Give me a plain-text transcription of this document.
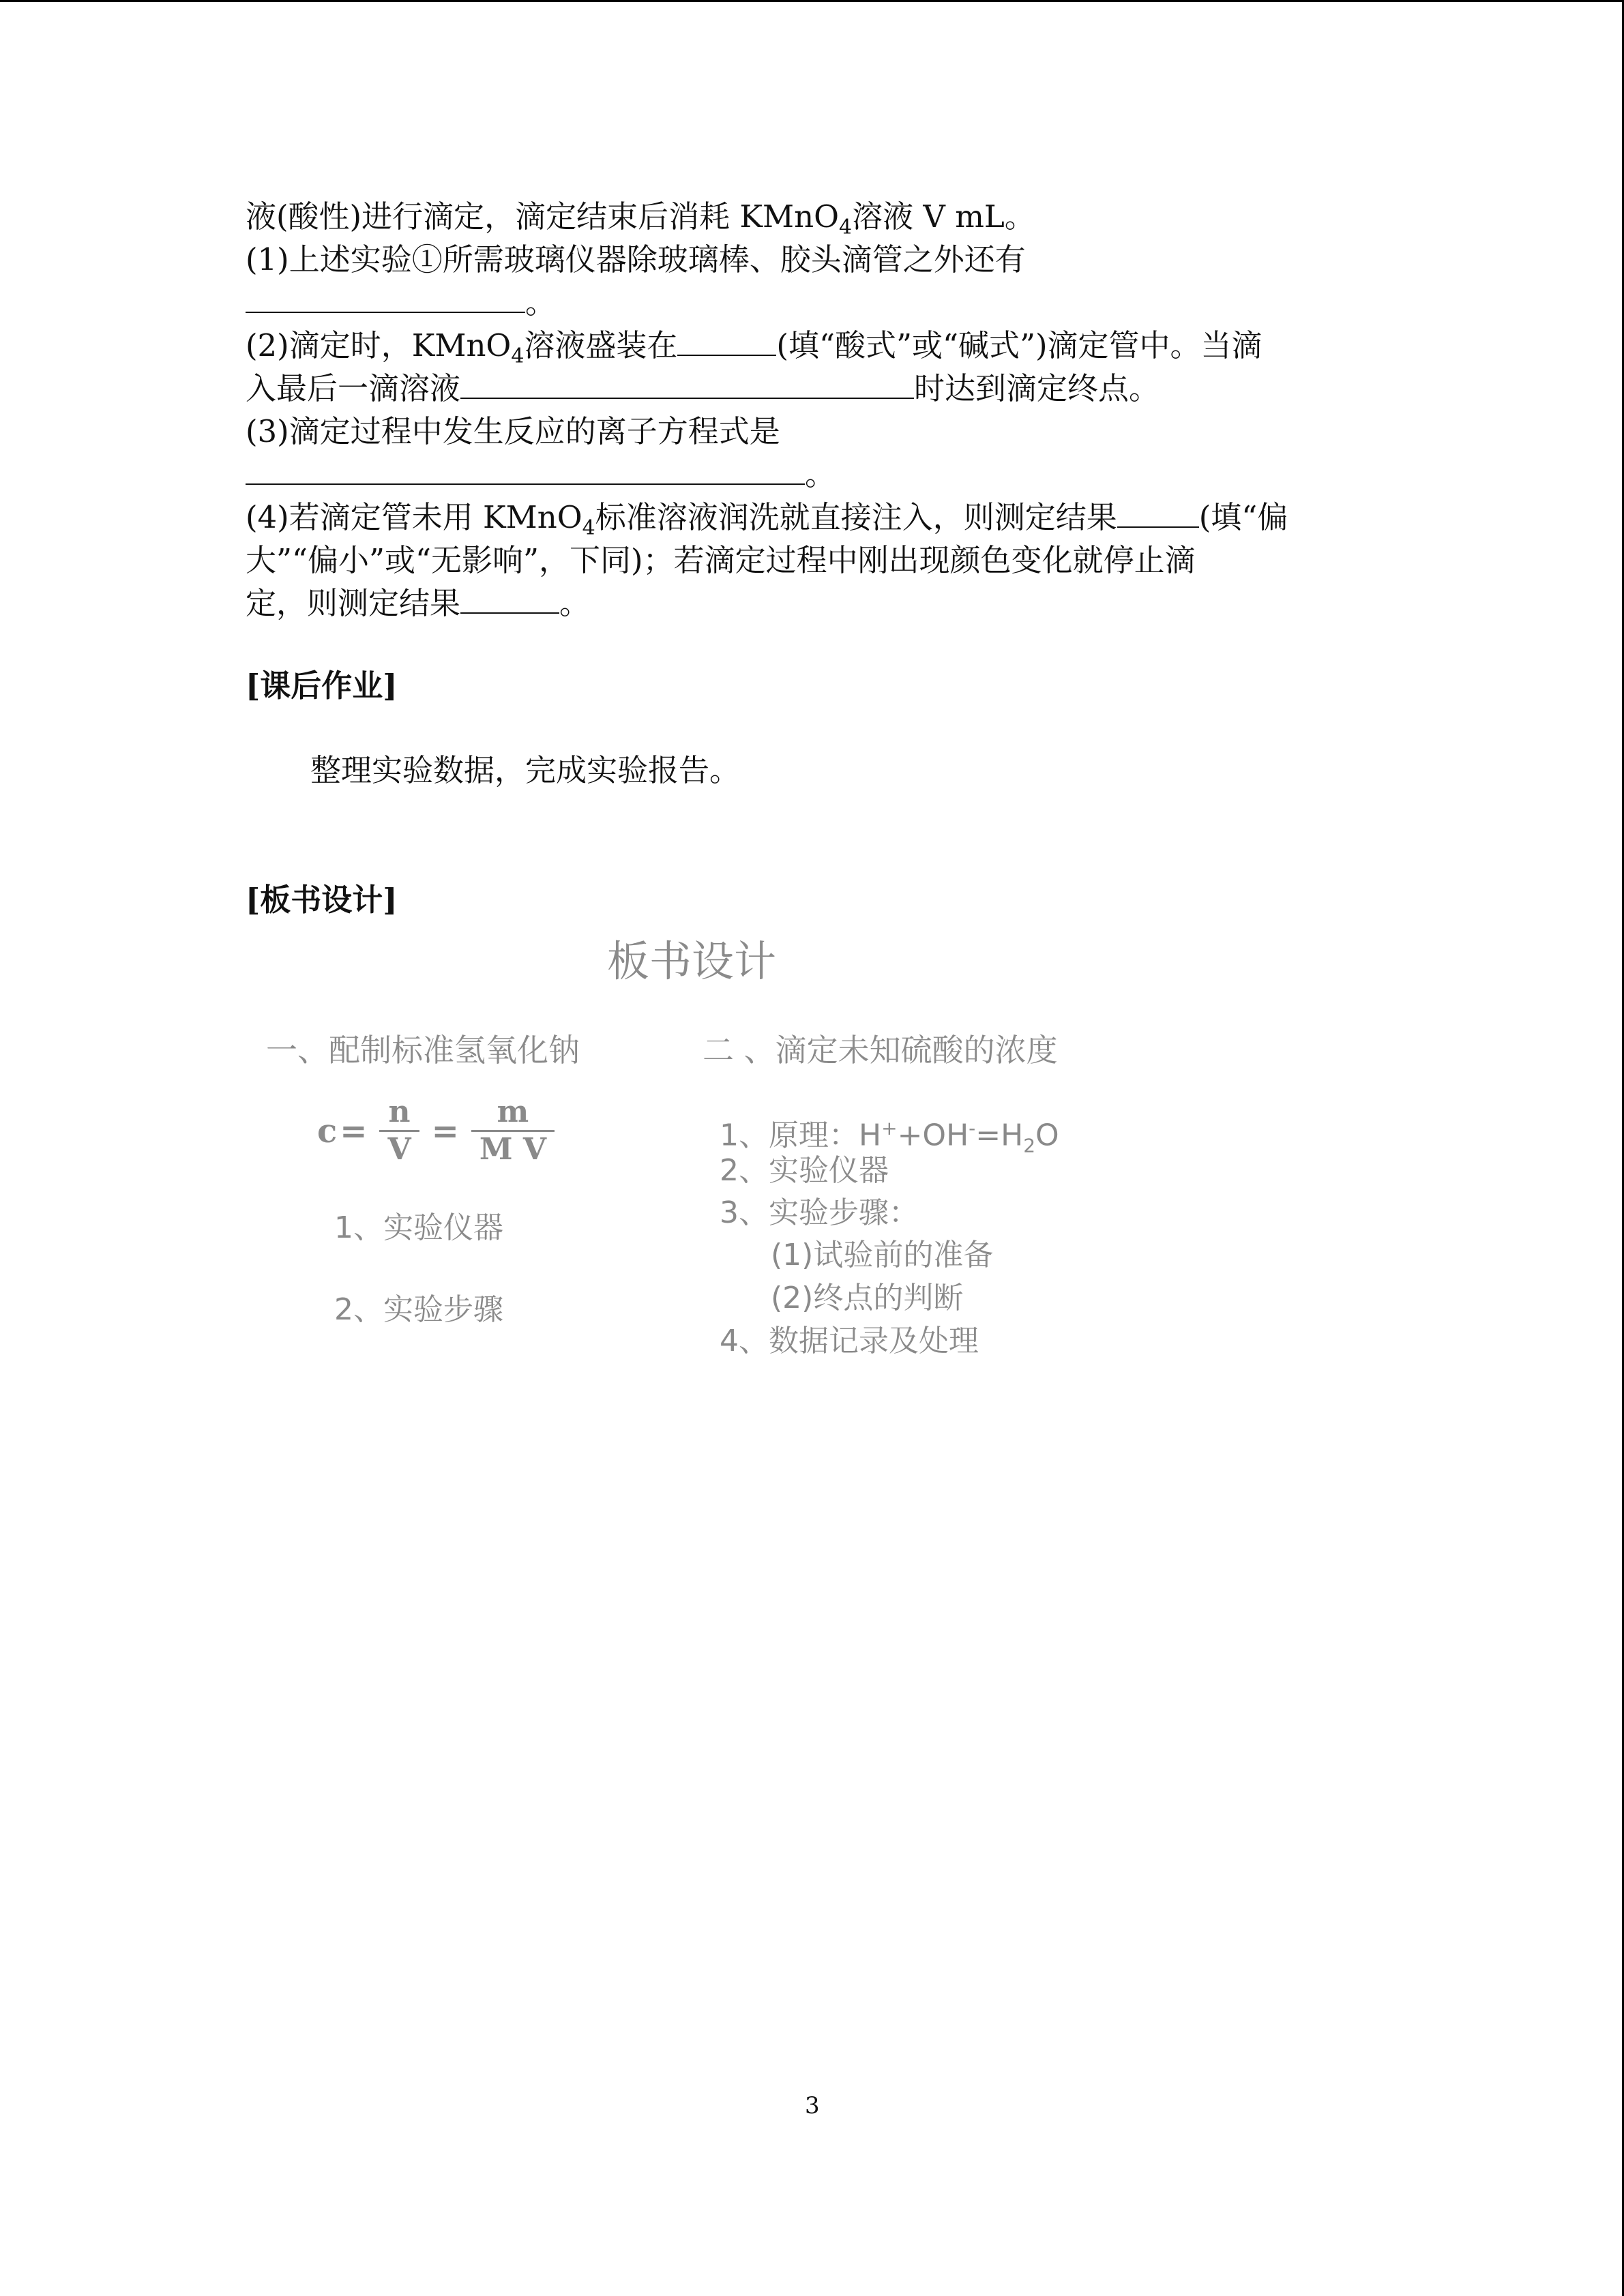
液(酸性)进行滴定，滴定结束后消耗 KMnO$_4$溶液 V mL。
(1)上述实验①所需玻璃仪器除玻璃棒、胶头滴管之外还有
。
(2)滴定时，KMnO$_4$溶液盛装在	(填“酸式”或“碱式”)滴定管中。当滴
入最后一滴溶液	时达到滴定终点。
(3)滴定过程中发生反应的离子方程式是
。
(4)若滴定管未用 KMnO$_4$标准溶液润洗就直接注入，则测定结果	(填“偏
大”“偏小”或“无影响”，下同)；若滴定过程中刚出现颜色变化就停止滴
定，则测定结果	。
[课后作业]
整理实验数据，完成实验报告。
[板书设计]
板书设计
一、配制标准氢氧化钠	二 、滴定未知硫酸的浓度
$c = \frac{n}{V} = \frac{m}{\text{M V}}$
1、实验仪器
2、实验步骤
1、原理：$H^++OH^-=H_2O$
2、实验仪器
3、实验步骤：
(1)试验前的准备
(2)终点的判断
4、数据记录及处理
3
